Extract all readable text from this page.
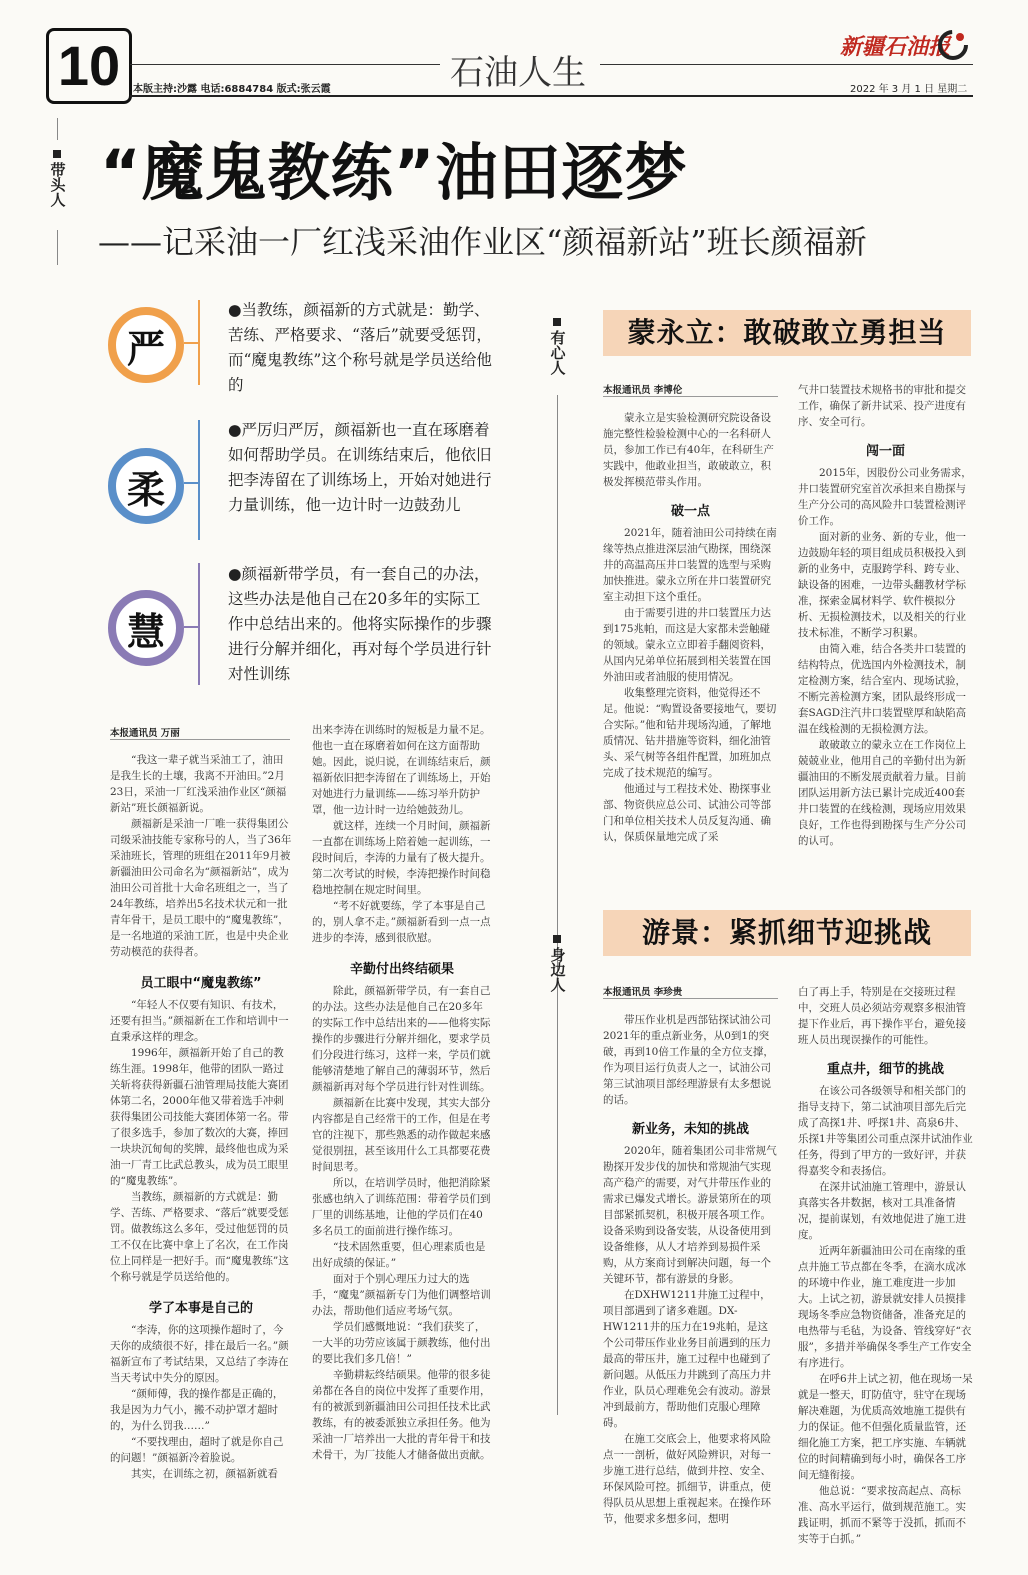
10	石油人生
本版主持:沙露 电话:6884784 版式:张云霞	2022 年 3 月 1 日 星期二
新疆石油报
带头人 “魔鬼教练”油田逐梦
——记采油一厂红浅采油作业区“颜福新站”班长颜福新
严
●当教练，颜福新的方式就是：勤学、苦练、严格要求、“落后”就要受惩罚，而“魔鬼教练”这个称号就是学员送给他的
柔
●严厉归严厉，颜福新也一直在琢磨着如何帮助学员。在训练结束后，他依旧把李涛留在了训练场上，开始对她进行力量训练，他一边计时一边鼓劲儿
慧
●颜福新带学员，有一套自己的办法，这些办法是他自己在20多年的实际工作中总结出来的。他将实际操作的步骤进行分解并细化，再对每个学员进行针对性训练
本报通讯员 万丽

“我这一辈子就当采油工了，油田是我生长的土壤，我离不开油田。”2月23日，采油一厂红浅采油作业区“颜福新站”班长颜福新说。

颜福新是采油一厂唯一获得集团公司级采油技能专家称号的人，当了36年采油班长，管理的班组在2011年9月被新疆油田公司命名为“颜福新站”，成为油田公司首批十大命名班组之一，当了24年教练，培养出5名技术状元和一批青年骨干，是员工眼中的“魔鬼教练”，是一名地道的采油工匠，也是中央企业劳动模范的获得者。

员工眼中“魔鬼教练”

“年轻人不仅要有知识、有技术，还要有担当。”颜福新在工作和培训中一直秉承这样的理念。

1996年，颜福新开始了自己的教练生涯。1998年，他带的团队一路过关斩将获得新疆石油管理局技能大赛团体第二名，2000年他又带着选手冲刺获得集团公司技能大赛团体第一名。带了很多选手，参加了数次的大赛，捧回一块块沉甸甸的奖牌，最终他也成为采油一厂青工比武总教头，成为员工眼里的“魔鬼教练”。

当教练，颜福新的方式就是：勤学、苦练、严格要求、“落后”就要受惩罚。做教练这么多年，受过他惩罚的员工不仅在比赛中拿上了名次，在工作岗位上同样是一把好手。而“魔鬼教练”这个称号就是学员送给他的。

学了本事是自己的

“李涛，你的这项操作超时了，今天你的成绩很不好，排在最后一名。”颜福新宣布了考试结果，又总结了李涛在当天考试中失分的原因。

“颜师傅，我的操作都是正确的，我是因为力气小，搬不动护罩才超时的，为什么罚我……”

“不要找理由，超时了就是你自己的问题！”颜福新冷着脸说。

其实，在训练之初，颜福新就看

出来李涛在训练时的短板是力量不足。他也一直在琢磨着如何在这方面帮助她。因此，说归说，在训练结束后，颜福新依旧把李涛留在了训练场上，开始对她进行力量训练——练习举升防护罩，他一边计时一边给她鼓劲儿。

就这样，连续一个月时间，颜福新一直都在训练场上陪着她一起训练，一段时间后，李涛的力量有了极大提升。第二次考试的时候，李涛把操作时间稳稳地控制在规定时间里。

“考不好就要练，学了本事是自己的，别人拿不走。”颜福新看到一点一点进步的李涛，感到很欣慰。

辛勤付出终结硕果

除此，颜福新带学员，有一套自己的办法。这些办法是他自己在20多年的实际工作中总结出来的——他将实际操作的步骤进行分解并细化，要求学员们分段进行练习，这样一来，学员们就能够清楚地了解自己的薄弱环节，然后颜福新再对每个学员进行针对性训练。

颜福新在比赛中发现，其实大部分内容都是自己经常干的工作，但是在考官的注视下，那些熟悉的动作做起来感觉很别扭，甚至该用什么工具都要花费时间思考。

所以，在培训学员时，他把消除紧张感也纳入了训练范围：带着学员们到厂里的训练基地，让他的学员们在40多名员工的面前进行操作练习。

“技术固然重要，但心理素质也是出好成绩的保证。”

面对于个别心理压力过大的选手，“魔鬼”颜福新专门为他们调整培训办法，帮助他们适应考场气氛。

学员们感慨地说：“我们获奖了，一大半的功劳应该属于颜教练，他付出的要比我们多几倍！”

辛勤耕耘终结硕果。他带的很多徒弟都在各自的岗位中发挥了重要作用，有的被派到新疆油田公司担任技术比武教练，有的被委派独立承担任务。他为采油一厂培养出一大批的青年骨干和技术骨干，为厂技能人才储备做出贡献。

有心人	蒙永立：敢破敢立勇担当
本报通讯员 李博伦

蒙永立是实验检测研究院设备设施完整性检验检测中心的一名科研人员，参加工作已有40年，在科研生产实践中，他敢业担当，敢破敢立，积极发挥模范带头作用。

破一点

2021年，随着油田公司持续在南缘等热点推进深层油气勘探，围绕深井的高温高压井口装置的选型与采购加快推进。蒙永立所在井口装置研究室主动担下这个重任。

由于需要引进的井口装置压力达到175兆帕，而这是大家都未尝触碰的领域。蒙永立立即着手翻阅资料，从国内兄弟单位拓展到相关装置在国外油田或者油服的使用情况。

收集整理完资料，他觉得还不足。他说：“购置设备要接地气，要切合实际。”他和钻井现场沟通，了解地质情况、钻井措施等资料，细化油管头、采气树等各组件配置，加班加点完成了技术规范的编写。

他通过与工程技术处、勘探事业部、物资供应总公司、试油公司等部门和单位相关技术人员反复沟通、确认，保质保量地完成了采

气井口装置技术规格书的审批和提交工作，确保了新井试采、投产进度有序、安全可行。

闯一面

2015年，因股份公司业务需求，井口装置研究室首次承担来自勘探与生产分公司的高风险井口装置检测评价工作。

面对新的业务、新的专业，他一边鼓励年轻的项目组成员积极投入到新的业务中，克服跨学科、跨专业、缺设备的困难，一边带头翻教材学标准，探索金属材料学、软件模拟分析、无损检测技术，以及相关的行业技术标准，不断学习积累。

由简入难，结合各类井口装置的结构特点，优选国内外检测技术，制定检测方案，结合室内、现场试验，不断完善检测方案，团队最终形成一套SAGD注汽井口装置壁厚和缺陷高温在线检测的无损检测方法。

敢破敢立的蒙永立在工作岗位上兢兢业业，他用自己的辛勤付出为新疆油田的不断发展贡献着力量。目前团队运用新方法已累计完成近400套井口装置的在线检测，现场应用效果良好，工作也得到勘探与生产分公司的认可。

身边人
游景：紧抓细节迎挑战
本报通讯员 李珍贵

带压作业机是西部钻探试油公司2021年的重点新业务，从0到1的突破，再到10倍工作量的全方位支撑，作为项目运行负责人之一，试油公司第三试油项目部经理游景有太多想说的话。

新业务，未知的挑战

2020年，随着集团公司非常规气勘探开发步伐的加快和常规油气实现高产稳产的需要，对气井带压作业的需求已爆发式增长。游景第所在的项目部紧抓契机，积极开展各项工作。设备采购到设备安装，从设备使用到设备维修，从人才培养到易损件采购，从方案商讨到解决问题，每一个关键环节，都有游景的身影。

在DXHW1211井施工过程中，项目部遇到了诸多难题。DX-HW1211井的压力在19兆帕，是这个公司带压作业业务目前遇到的压力最高的带压井，施工过程中也碰到了新问题。从低压力井跳到了高压力井作业，队员心理难免会有波动。游景冲到最前方，帮助他们克服心理障碍。

在施工交底会上，他要求将风险点一一剖析，做好风险辨识，对每一步施工进行总结，做到井控、安全、环保风险可控。抓细节，讲重点，使得队员从思想上重视起来。在操作环节，他要求多想多问，想明

白了再上手，特别是在交接班过程中，交班人员必须站旁观察多根油管提下作业后，再下操作平台，避免接班人员出现误操作的可能性。

重点井，细节的挑战

在该公司各级领导和相关部门的指导支持下，第二试油项目部先后完成了高探1井、呼探1井、高泉6井、乐探1井等集团公司重点深井试油作业任务，得到了甲方的一致好评，并获得嘉奖令和表扬信。

在深井试油施工管理中，游景认真落实各井数据，核对工具准备情况，提前谋划，有效地促进了施工进度。

近两年新疆油田公司在南缘的重点井施工节点都在冬季，在滴水成冰的环境中作业，施工难度进一步加大。上试之初，游景就安排人员摸排现场冬季应急物资储备，准备充足的电热带与毛毡，为设备、管线穿好“衣服”，多措并举确保冬季生产工作安全有序进行。

在呼6井上试之初，他在现场一呆就是一整天，盯防值守，驻守在现场解决难题，为优质高效地施工提供有力的保证。他不但强化质量监管，还细化施工方案，把工序实施、车辆就位的时间精确到每小时，确保各工序间无缝衔接。

他总说：“要求按高起点、高标准、高水平运行，做到规范施工。实践证明，抓而不紧等于没抓，抓而不实等于白抓。”
